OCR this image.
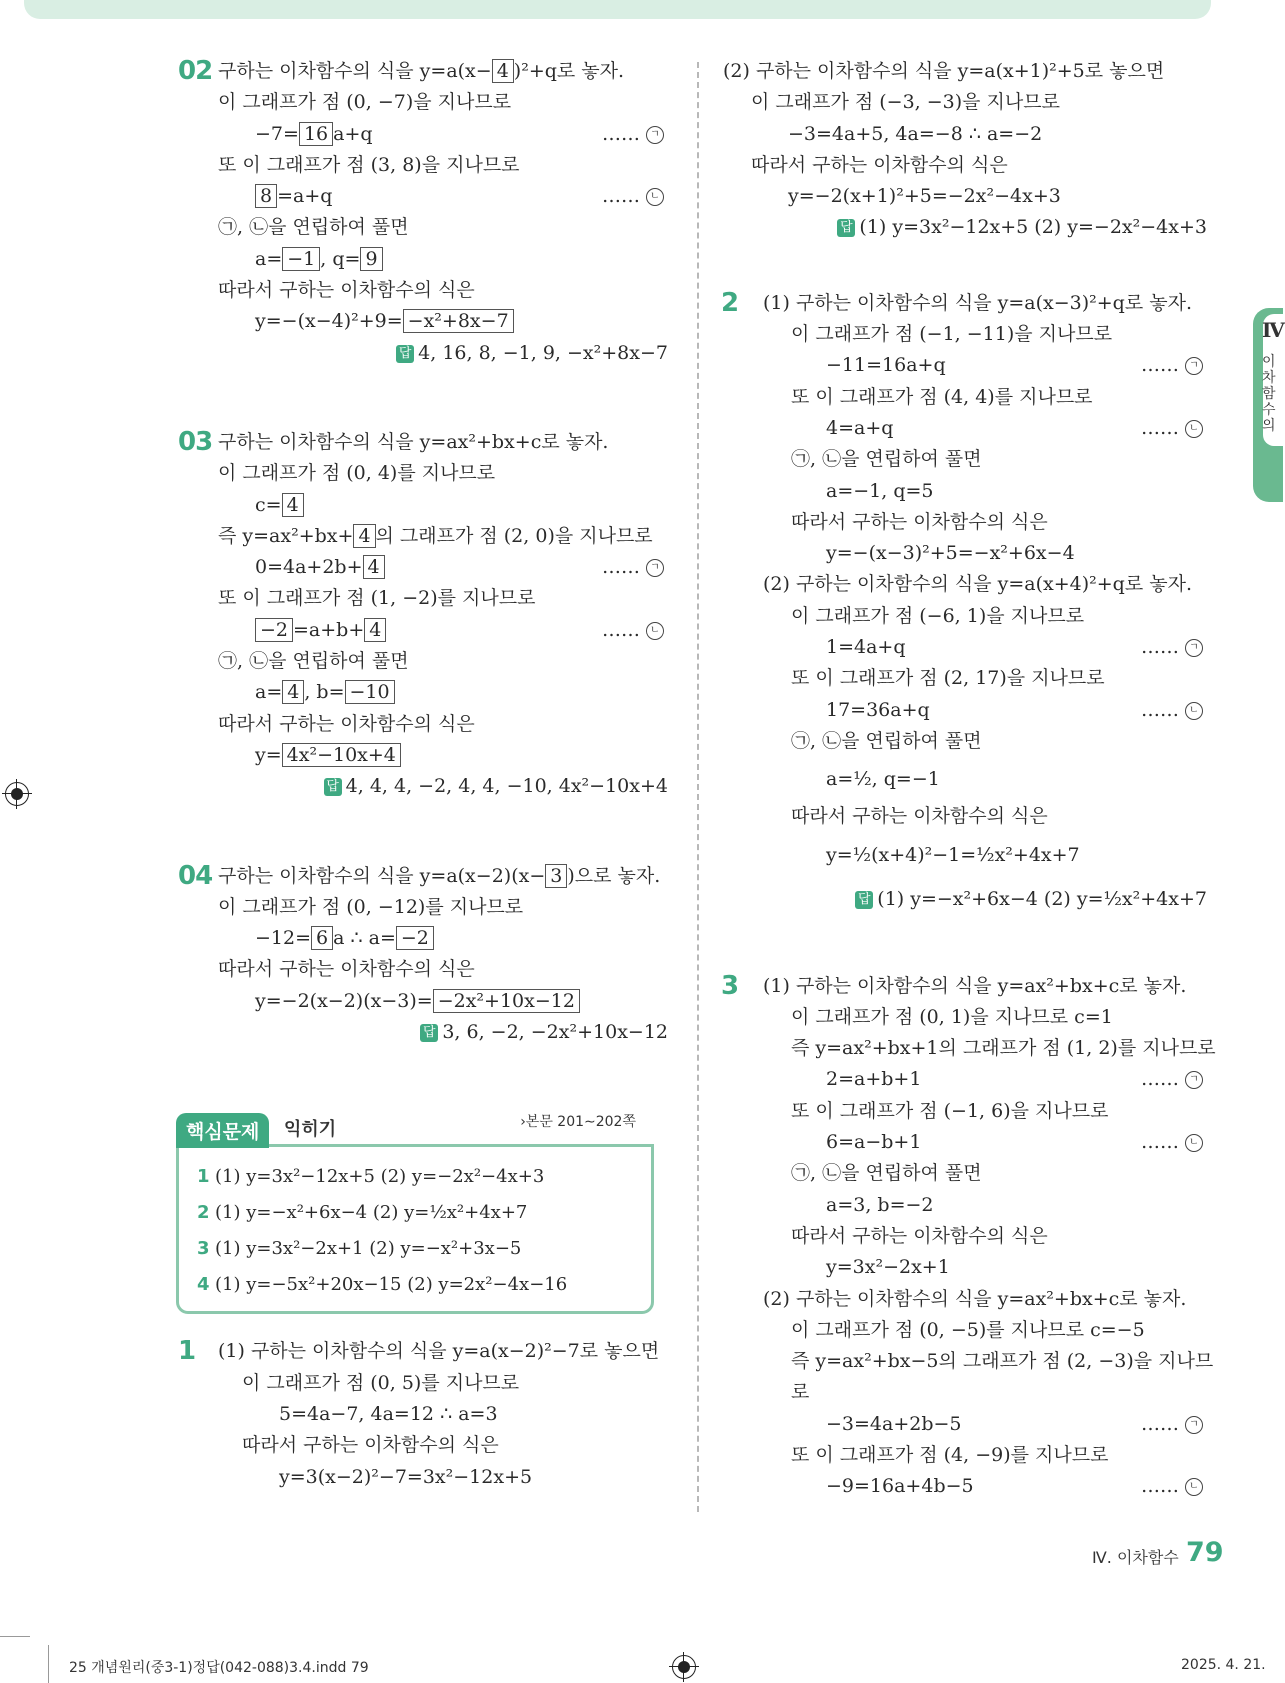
02 구하는 이차함수의 식을 y=a(x− 4 )²+q로 놓자.
이 그래프가 점 (0, −7)을 지나므로
−7= 16 a+q	…… ㄱ
또 이 그래프가 점 (3, 8)을 지나므로
8 =a+q	…… ㄴ
㉠, ㉡을 연립하여 풀면
a= −1 , q= 9
따라서 구하는 이차함수의 식은
y=−(x−4)²+9= −x²+8x−7
답 4, 16, 8, −1, 9, −x²+8x−7
03 구하는 이차함수의 식을 y=ax²+bx+c로 놓자.
이 그래프가 점 (0, 4)를 지나므로
c= 4
즉 y=ax²+bx+ 4 의 그래프가 점 (2, 0)을 지나므로
0=4a+2b+ 4	…… ㄱ
또 이 그래프가 점 (1, −2)를 지나므로
−2 =a+b+ 4	…… ㄴ
㉠, ㉡을 연립하여 풀면
a= 4 , b= −10
따라서 구하는 이차함수의 식은
y= 4x²−10x+4
답 4, 4, 4, −2, 4, 4, −10, 4x²−10x+4
04 구하는 이차함수의 식을 y=a(x−2)(x− 3 )으로 놓자.
이 그래프가 점 (0, −12)를 지나므로
−12= 6 a ∴ a= −2
따라서 구하는 이차함수의 식은
y=−2(x−2)(x−3)= −2x²+10x−12
답 3, 6, −2, −2x²+10x−12
핵심문제	익히기	›본문 201∼202쪽
1 (1) y=3x²−12x+5 (2) y=−2x²−4x+3
2 (1) y=−x²+6x−4 (2) y=½x²+4x+7
3 (1) y=3x²−2x+1 (2) y=−x²+3x−5
4 (1) y=−5x²+20x−15 (2) y=2x²−4x−16
1	(1) 구하는 이차함수의 식을 y=a(x−2)²−7로 놓으면
이 그래프가 점 (0, 5)를 지나므로
5=4a−7, 4a=12 ∴ a=3
따라서 구하는 이차함수의 식은
y=3(x−2)²−7=3x²−12x+5
(2) 구하는 이차함수의 식을 y=a(x+1)²+5로 놓으면
이 그래프가 점 (−3, −3)을 지나므로
−3=4a+5, 4a=−8 ∴ a=−2
따라서 구하는 이차함수의 식은
y=−2(x+1)²+5=−2x²−4x+3
답 (1) y=3x²−12x+5 (2) y=−2x²−4x+3
2	(1) 구하는 이차함수의 식을 y=a(x−3)²+q로 놓자.
이 그래프가 점 (−1, −11)을 지나므로
−11=16a+q	…… ㄱ
또 이 그래프가 점 (4, 4)를 지나므로
4=a+q	…… ㄴ
㉠, ㉡을 연립하여 풀면
a=−1, q=5
따라서 구하는 이차함수의 식은
y=−(x−3)²+5=−x²+6x−4
(2) 구하는 이차함수의 식을 y=a(x+4)²+q로 놓자.
이 그래프가 점 (−6, 1)을 지나므로
1=4a+q	…… ㄱ
또 이 그래프가 점 (2, 17)을 지나므로
17=36a+q	…… ㄴ
㉠, ㉡을 연립하여 풀면
a=½, q=−1
따라서 구하는 이차함수의 식은
y=½(x+4)²−1=½x²+4x+7
답 (1) y=−x²+6x−4 (2) y=½x²+4x+7
3	(1) 구하는 이차함수의 식을 y=ax²+bx+c로 놓자.
이 그래프가 점 (0, 1)을 지나므로 c=1
즉 y=ax²+bx+1의 그래프가 점 (1, 2)를 지나므로
2=a+b+1	…… ㄱ
또 이 그래프가 점 (−1, 6)을 지나므로
6=a−b+1	…… ㄴ
㉠, ㉡을 연립하여 풀면
a=3, b=−2
따라서 구하는 이차함수의 식은
y=3x²−2x+1
(2) 구하는 이차함수의 식을 y=ax²+bx+c로 놓자.
이 그래프가 점 (0, −5)를 지나므로 c=−5
즉 y=ax²+bx−5의 그래프가 점 (2, −3)을 지나므
로
−3=4a+2b−5	…… ㄱ
또 이 그래프가 점 (4, −9)를 지나므로
−9=16a+4b−5	…… ㄴ
Ⅳ
이차함수의
Ⅳ. 이차함수 79
25 개념원리(중3-1)정답(042-088)3.4.indd 79	2025. 4. 21.
